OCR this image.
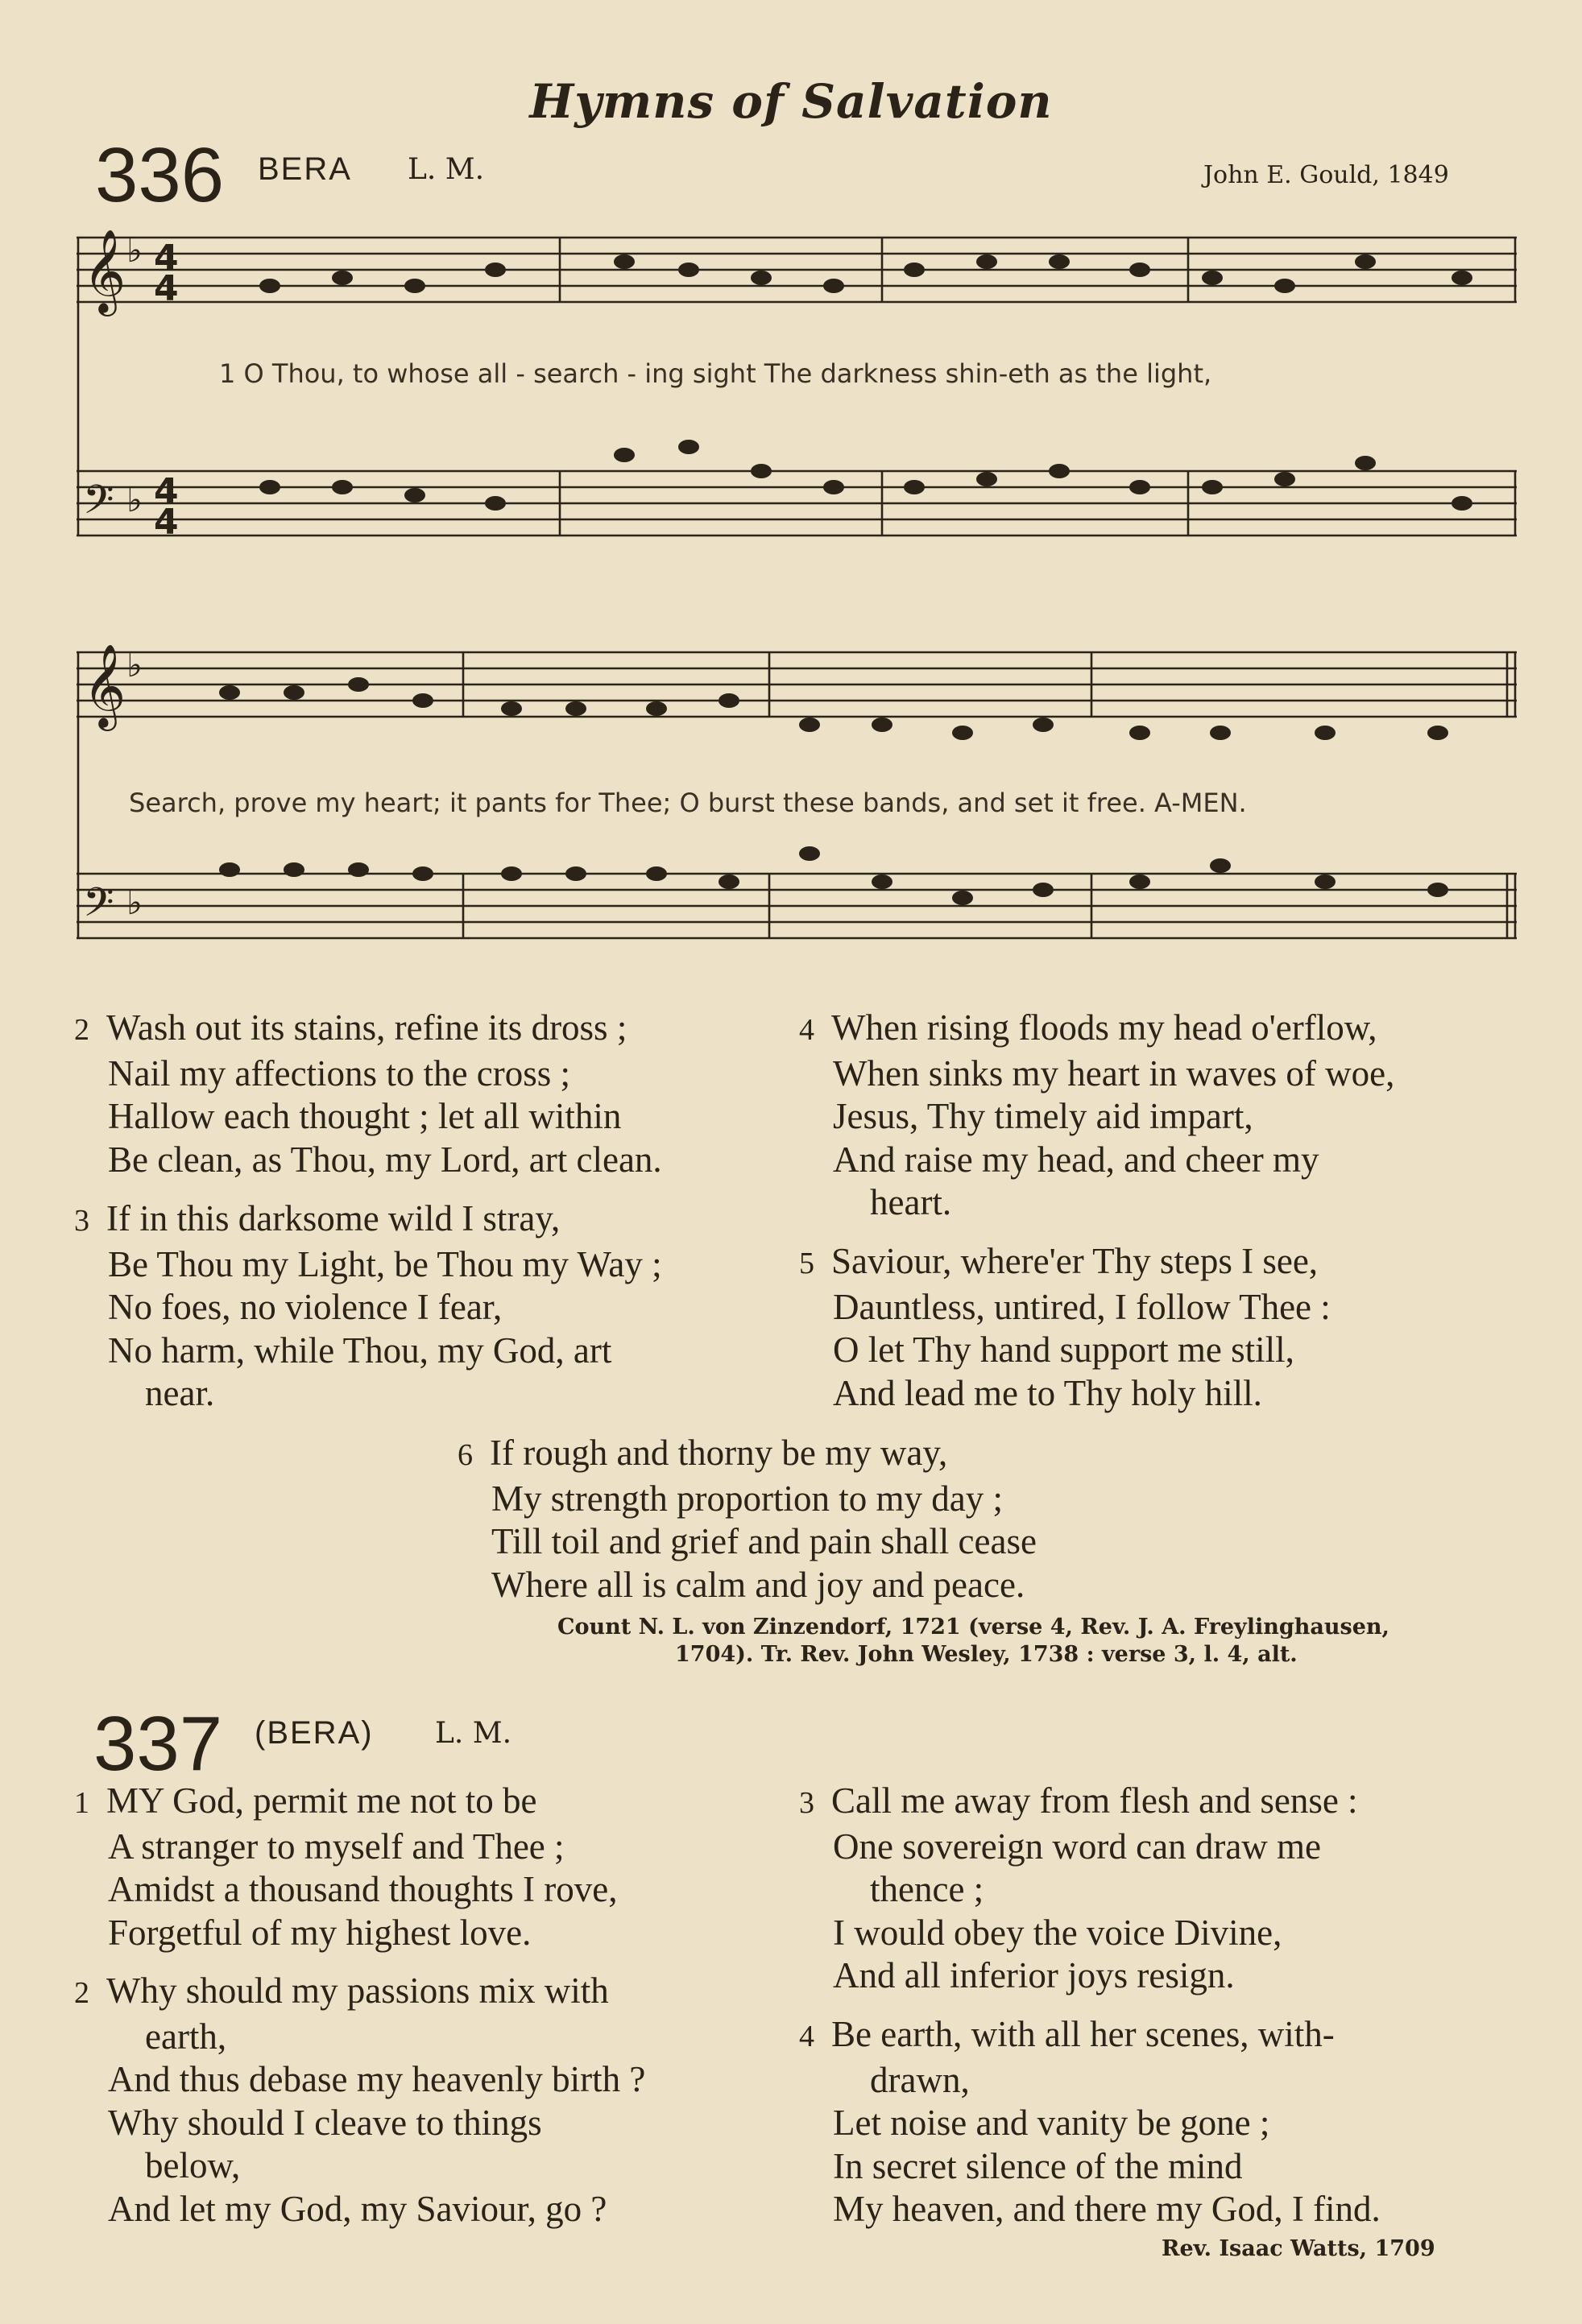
Hymns of Salvation
336 BERA L. M.	John E. Gould, 1849
𝄞
𝄢
4
4
4
4
♭
♭
1 O Thou, to whose all - search - ing sight The darkness shin-eth as the light,
𝄞
𝄢
♭
♭
Search, prove my heart; it pants for Thee; O burst these bands, and set it free. A-MEN.
2 Wash out its stains, refine its dross ;
Nail my affections to the cross ;
Hallow each thought ; let all within
Be clean, as Thou, my Lord, art clean.
3 If in this darksome wild I stray,
Be Thou my Light, be Thou my Way ;
No foes, no violence I fear,
No harm, while Thou, my God, art
near.
4 When rising floods my head o'erflow,
When sinks my heart in waves of woe,
Jesus, Thy timely aid impart,
And raise my head, and cheer my
heart.
5 Saviour, where'er Thy steps I see,
Dauntless, untired, I follow Thee :
O let Thy hand support me still,
And lead me to Thy holy hill.
6 If rough and thorny be my way,
My strength proportion to my day ;
Till toil and grief and pain shall cease
Where all is calm and joy and peace.
Count N. L. von Zinzendorf, 1721 (verse 4, Rev. J. A. Freylinghausen,
1704). Tr. Rev. John Wesley, 1738 : verse 3, l. 4, alt.
337 (BERA) L. M.
1 MY God, permit me not to be
A stranger to myself and Thee ;
Amidst a thousand thoughts I rove,
Forgetful of my highest love.
2 Why should my passions mix with
earth,
And thus debase my heavenly birth ?
Why should I cleave to things
below,
And let my God, my Saviour, go ?
3 Call me away from flesh and sense :
One sovereign word can draw me
thence ;
I would obey the voice Divine,
And all inferior joys resign.
4 Be earth, with all her scenes, with-
drawn,
Let noise and vanity be gone ;
In secret silence of the mind
My heaven, and there my God, I find.
Rev. Isaac Watts, 1709
